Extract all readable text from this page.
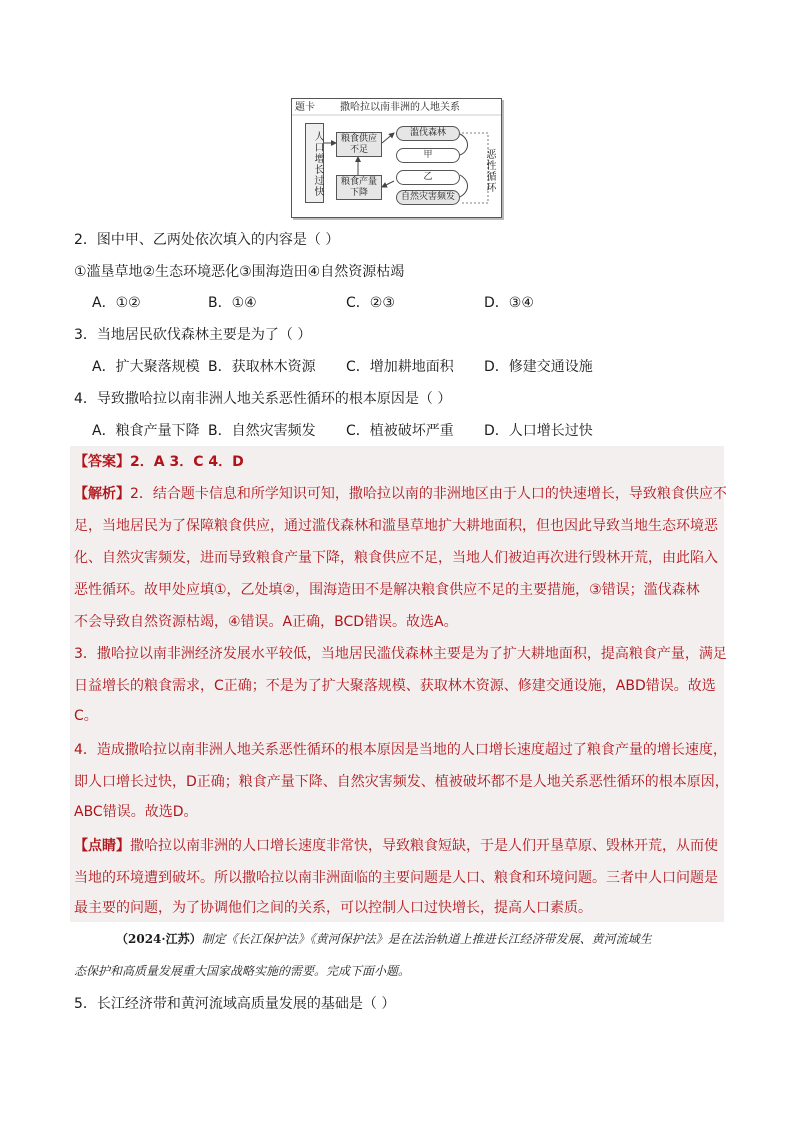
题卡	撒哈拉以南非洲的人地关系
人口增长过快	粮食供应不足
粮食产量下降
滥伐森林
甲
乙
自然灾害频发
恶性循环
2．图中甲、乙两处依次填入的内容是（ ）
①滥垦草地②生态环境恶化③围海造田④自然资源枯竭
A．①②	B．①④	C．②③	D．③④
3．当地居民砍伐森林主要是为了（ ）
A．扩大聚落规模 B．获取林木资源 C．增加耕地面积 D．修建交通设施
4．导致撒哈拉以南非洲人地关系恶性循环的根本原因是（ ）
A．粮食产量下降 B．自然灾害频发 C．植被破坏严重 D．人口增长过快
【答案】2．A 3．C 4．D
【解析】2．结合题卡信息和所学知识可知，撒哈拉以南的非洲地区由于人口的快速增长，导致粮食供应不
足，当地居民为了保障粮食供应，通过滥伐森林和滥垦草地扩大耕地面积，但也因此导致当地生态环境恶
化、自然灾害频发，进而导致粮食产量下降，粮食供应不足，当地人们被迫再次进行毁林开荒，由此陷入
恶性循环。故甲处应填①，乙处填②，围海造田不是解决粮食供应不足的主要措施，③错误；滥伐森林
不会导致自然资源枯竭，④错误。A正确，BCD错误。故选A。
3．撒哈拉以南非洲经济发展水平较低，当地居民滥伐森林主要是为了扩大耕地面积，提高粮食产量，满足
日益增长的粮食需求，C正确；不是为了扩大聚落规模、获取林木资源、修建交通设施，ABD错误。故选
C。
4．造成撒哈拉以南非洲人地关系恶性循环的根本原因是当地的人口增长速度超过了粮食产量的增长速度，
即人口增长过快，D正确；粮食产量下降、自然灾害频发、植被破坏都不是人地关系恶性循环的根本原因，
ABC错误。故选D。
【点睛】撒哈拉以南非洲的人口增长速度非常快，导致粮食短缺，于是人们开垦草原、毁林开荒，从而使
当地的环境遭到破坏。所以撒哈拉以南非洲面临的主要问题是人口、粮食和环境问题。三者中人口问题是
最主要的问题，为了协调他们之间的关系，可以控制人口过快增长，提高人口素质。
（2024·江苏）制定《长江保护法》《黄河保护法》是在法治轨道上推进长江经济带发展、黄河流域生
态保护和高质量发展重大国家战略实施的需要。完成下面小题。
5．长江经济带和黄河流域高质量发展的基础是（ ）
